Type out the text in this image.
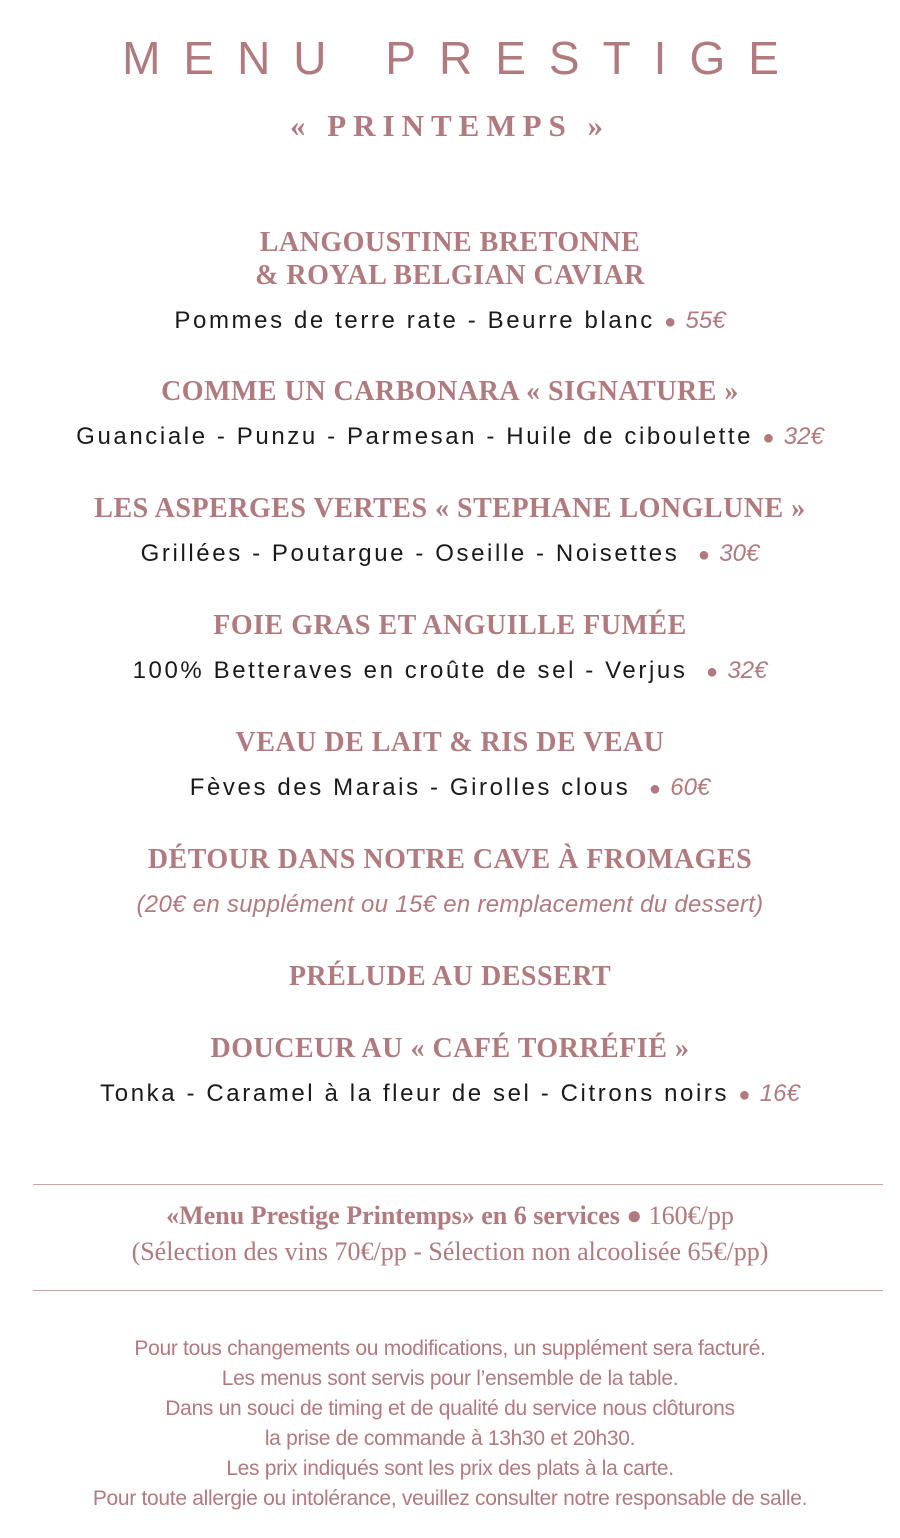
MENU PRESTIGE
« PRINTEMPS »
LANGOUSTINE BRETONNE
& ROYAL BELGIAN CAVIAR
Pommes de terre rate - Beurre blanc ● 55€
COMME UN CARBONARA « SIGNATURE »
Guanciale - Punzu - Parmesan - Huile de ciboulette ● 32€
LES ASPERGES VERTES « STEPHANE LONGLUNE »
Grillées - Poutargue - Oseille - Noisettes ● 30€
FOIE GRAS ET ANGUILLE FUMÉE
100% Betteraves en croûte de sel - Verjus ● 32€
VEAU DE LAIT & RIS DE VEAU
Fèves des Marais - Girolles clous ● 60€
DÉTOUR DANS NOTRE CAVE À FROMAGES
(20€ en supplément ou 15€ en remplacement du dessert)
PRÉLUDE AU DESSERT
DOUCEUR AU « CAFÉ TORRÉFIÉ »
Tonka - Caramel à la fleur de sel - Citrons noirs ● 16€
«Menu Prestige Printemps» en 6 services ● 160€/pp
(Sélection des vins 70€/pp - Sélection non alcoolisée 65€/pp)
Pour tous changements ou modifications, un supplément sera facturé.
Les menus sont servis pour l’ensemble de la table.
Dans un souci de timing et de qualité du service nous clôturons
la prise de commande à 13h30 et 20h30.
Les prix indiqués sont les prix des plats à la carte.
Pour toute allergie ou intolérance, veuillez consulter notre responsable de salle.
